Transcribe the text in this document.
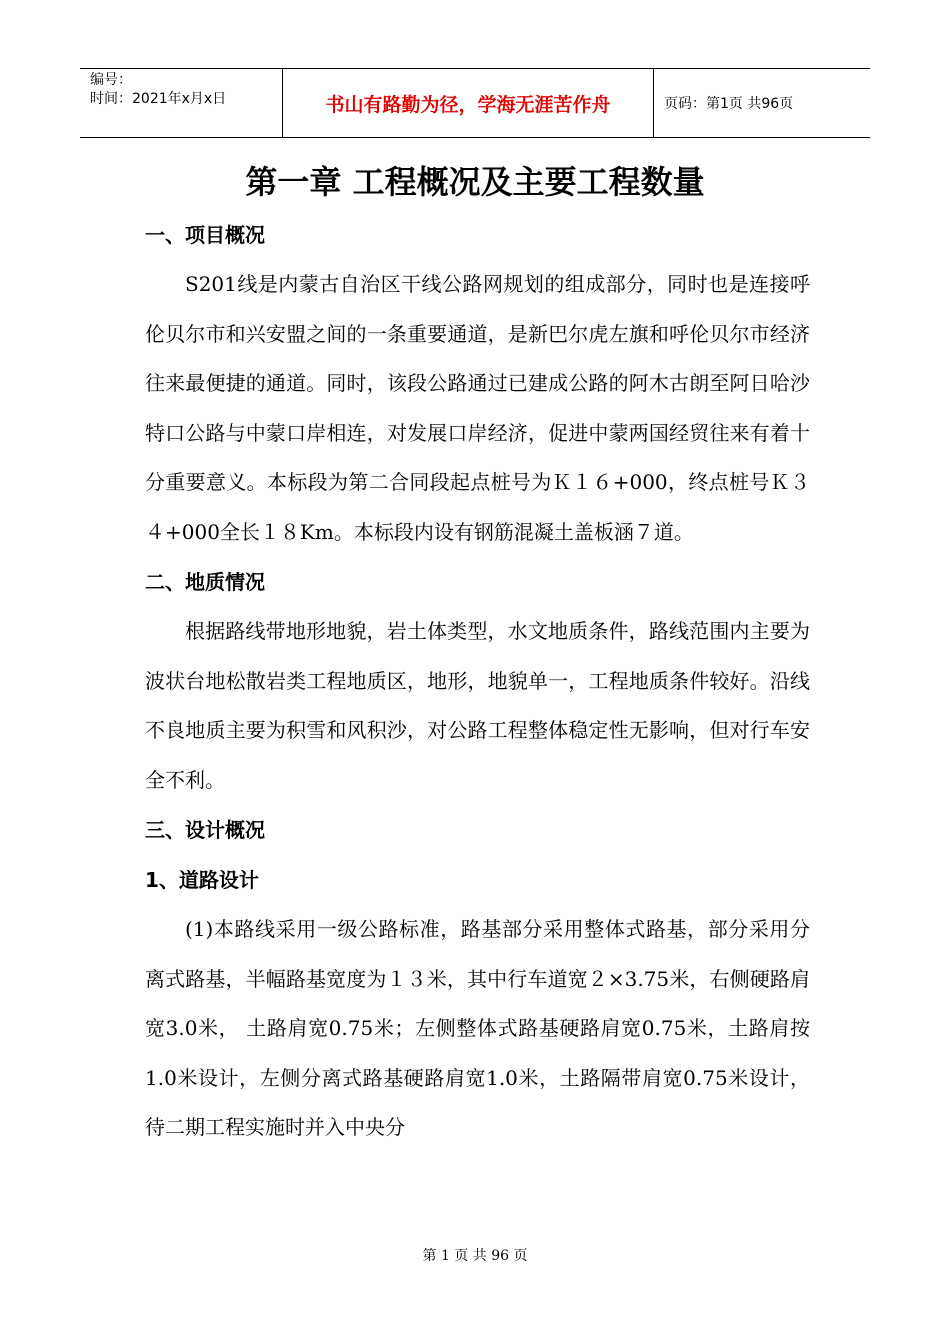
编号：
时间：2021年x月x日	书山有路勤为径，学海无涯苦作舟	页码：第1页 共96页
第一章 工程概况及主要工程数量

一、项目概况

S201线是内蒙古自治区干线公路网规划的组成部分，同时也是连接呼伦贝尔市和兴安盟之间的一条重要通道，是新巴尔虎左旗和呼伦贝尔市经济往来最便捷的通道。同时，该段公路通过已建成公路的阿木古朗至阿日哈沙特口公路与中蒙口岸相连，对发展口岸经济，促进中蒙两国经贸往来有着十分重要意义。本标段为第二合同段起点桩号为Ｋ１６+000，终点桩号Ｋ３４+000全长１８Km。本标段内设有钢筋混凝土盖板涵７道。

二、地质情况

根据路线带地形地貌，岩土体类型，水文地质条件，路线范围内主要为波状台地松散岩类工程地质区，地形，地貌单一，工程地质条件较好。沿线不良地质主要为积雪和风积沙，对公路工程整体稳定性无影响，但对行车安全不利。

三、设计概况

1、道路设计

(1)本路线采用一级公路标准，路基部分采用整体式路基，部分采用分离式路基，半幅路基宽度为１３米，其中行车道宽２×3.75米，右侧硬路肩宽3.0米， 土路肩宽0.75米；左侧整体式路基硬路肩宽0.75米，土路肩按1.0米设计，左侧分离式路基硬路肩宽1.0米，土路隔带肩宽0.75米设计，待二期工程实施时并入中央分

第 1 页 共 96 页
